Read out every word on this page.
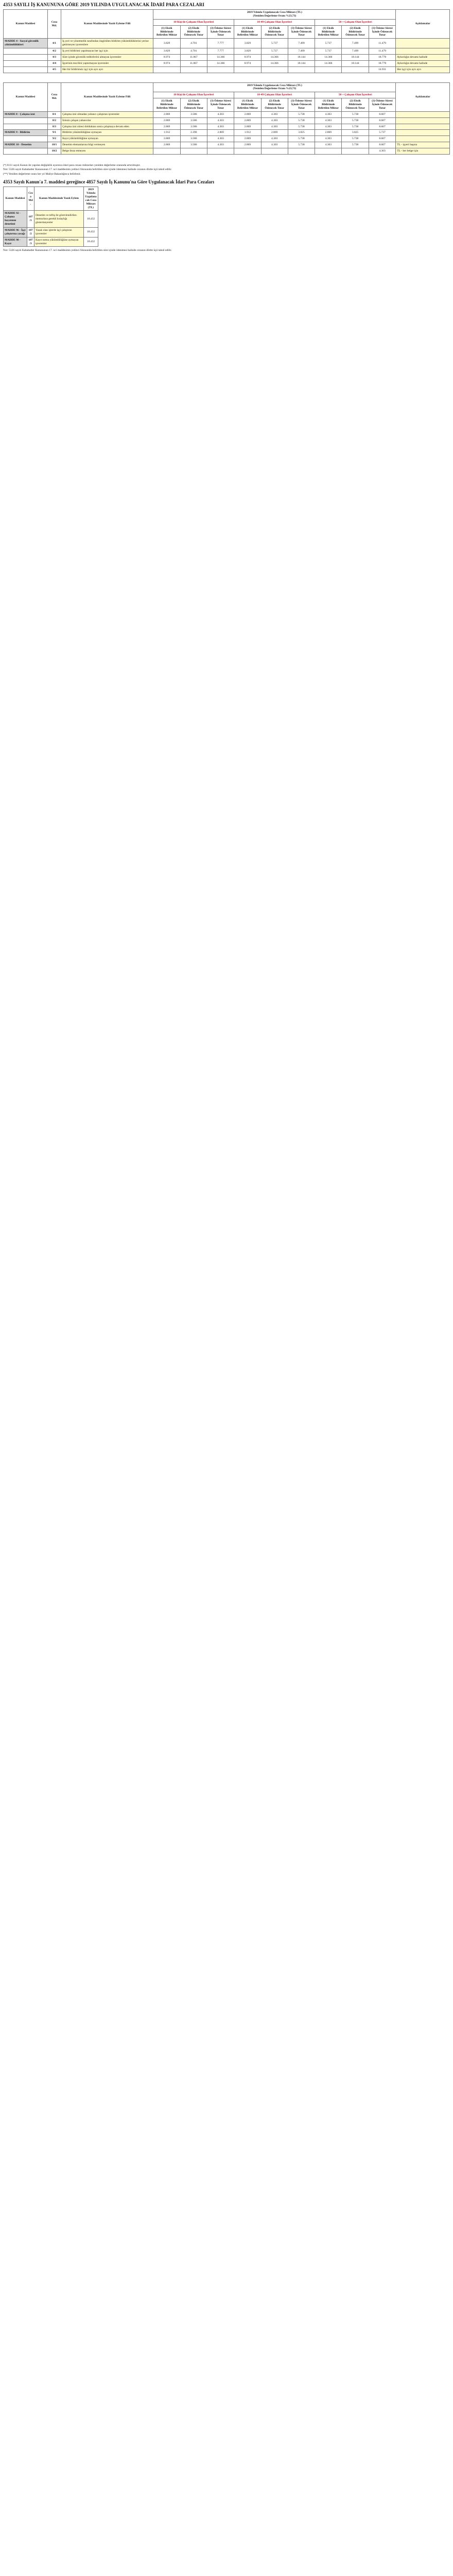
4353 SAYILI İŞ KANUNUNA GÖRE 2019 YILINDA UYGULANACAK İDARİ PARA CEZALARI
Kanun Maddesi	Ceza Md.	Kanun Maddesinde Yazılı Eyleme Fiili	2019 Yılında Uygulanacak Ceza Miktarı (TL)
(Yeniden Değerleme Oranı %23,73)									Açıklamalar
			10 Kişi ile Çalışanı Olan İşyerleri			10-49 Çalışanı Olan İşyerleri			50 + Çalışanı Olan İşyerleri			
			(1) Eksik Bildirimde Belirtilen Miktar	(2) Eksik Bildirimde Ödenecek Tutar	(3) Ödeme Süresi İçinde Ödenecek Tutar	(1) Eksik Bildirimde Belirtilen Miktar	(2) Eksik Bildirimde Ödenecek Tutar	(3) Ödeme Süresi İçinde Ödenecek Tutar	(1) Eksik Bildirimde Belirtilen Miktar	(2) Eksik Bildirimde Ödenecek Tutar	(3) Ödeme Süresi İçinde Ödenecek Tutar	
MADDE 4 - Sosyal güvenlik yükümlülükleri	4/1	İş yeri ve yönetmelik tarafından öngörülen bildirim yükümlülüklerini yerine getirmeyen işverenlere	3.829	4.701	7.777	3.829	5.737	7.499	5.737	7.499	11.479	
	4/2	İş yeri bildirimi yapılmayan her işçi için	3.829	4.701	7.777	3.829	5.737	7.499	5.737	7.499	11.479	
	4/3	Süre içinde güvenlik tedbirlerini almayan işverenler	8.974	11.067	14.366	8.974	14.366	18.144	14.366	18.144	18.778	Aykırılığın devamı halinde
	4/4	İşyerinin tescilini yaptırmayan işverenler	8.974	11.067	14.366	8.974	14.366	18.144	14.366	18.144	18.778	Aykırılığın devamı halinde
	4/5	Her bir bildirimsiz işçi için ayrı ayrı									14.931	Her işçi için ayrı ayrı
Kanun Maddesi	Ceza Md.	Kanun Maddesinde Yazılı Eyleme Fiili	2019 Yılında Uygulanacak Ceza Miktarı (TL)
(Yeniden Değerleme Oranı %23,73)									Açıklamalar
			10 Kişi ile Çalışanı Olan İşyerleri			10-49 Çalışanı Olan İşyerleri			50 + Çalışanı Olan İşyerleri			
			(1) Eksik Bildirimde Belirtilen Miktar	(2) Eksik Bildirimde Ödenecek Tutar	(3) Ödeme Süresi İçinde Ödenecek Tutar	(1) Eksik Bildirimde Belirtilen Miktar	(2) Eksik Bildirimde Ödenecek Tutar	(3) Ödeme Süresi İçinde Ödenecek Tutar	(1) Eksik Bildirimde Belirtilen Miktar	(2) Eksik Bildirimde Ödenecek Tutar	(3) Ödeme Süresi İçinde Ödenecek Tutar	
MADDE 8 - Çalışma izni	8/1	Çalışma izni olmadan yabancı çalıştıran işverenler	2.869	3.586	4.303	2.869	4.303	5.738	4.303	5.738	8.607	
	8/2	İzinsiz çalışan yabancılar	2.869	3.586	4.303	2.869	4.303	5.738	4.303	5.738	8.607	
	8/3	Çalışma izni süresi dolduktan sonra çalışmaya devam eden	2.869	3.586	4.303	2.869	4.303	5.738	4.303	5.738	8.607	
MADDE 9 - Bildirim	9/1	Bildirim yükümlülüğüne uymayan	1.912	2.390	2.869	1.912	2.869	3.825	2.869	3.825	5.737	
	9/2	Kayıt yükümlülüğüne uymayan	2.869	3.586	4.303	2.869	4.303	5.738	4.303	5.738	8.607	
MADDE 10 - Denetim	10/1	Denetim elemanlarına bilgi vermeyen	2.869	3.586	4.303	2.869	4.303	5.738	4.303	5.738	8.607	TL - işyeri başına
	10/2	Belge ibraz etmeyen									4.303	TL - her belge için

(*) 6111 sayılı Kanun ile yapılan değişiklik uyarınca idari para cezası miktarları yeniden değerleme oranında artırılmıştır.

Not: 5326 sayılı Kabahatler Kanununun 17. nci maddesinin yedinci fıkrasında belirtilen süre içinde ödenmesi halinde cezanın dörtte üçü tahsil edilir.

(**) Yeniden değerleme oranı her yıl Maliye Bakanlığınca belirlenir.

4353 Sayılı Kanun'a 7. maddesi gereğince 4857 Sayılı İş Kanunu'na Göre Uygulanacak İdari Para Cezaları
Kanun Maddesi	Ceza Md.	Kanun Maddesinde Yazılı Eylem	2019 Yılında Uygulanacak Ceza Miktarı (TL)	
MADDE 92 - Çalışma hayatının denetimi	107/1	Denetim ve teftiş ile görevlendirilen memurlara gerekli kolaylığı göstermeyenler	18.432	
MADDE 96 - İşçi çalıştırma yasağı	107/2	Yasak olan işlerde işçi çalıştıran işverenler	18.432	
MADDE 98 - Kayıt	107/3	Kayıt tutma yükümlülüğüne uymayan işverenler	18.432	

Not: 5326 sayılı Kabahatler Kanununun 17. nci maddesinin yedinci fıkrasında belirtilen süre içinde ödenmesi halinde cezanın dörtte üçü tahsil edilir.
